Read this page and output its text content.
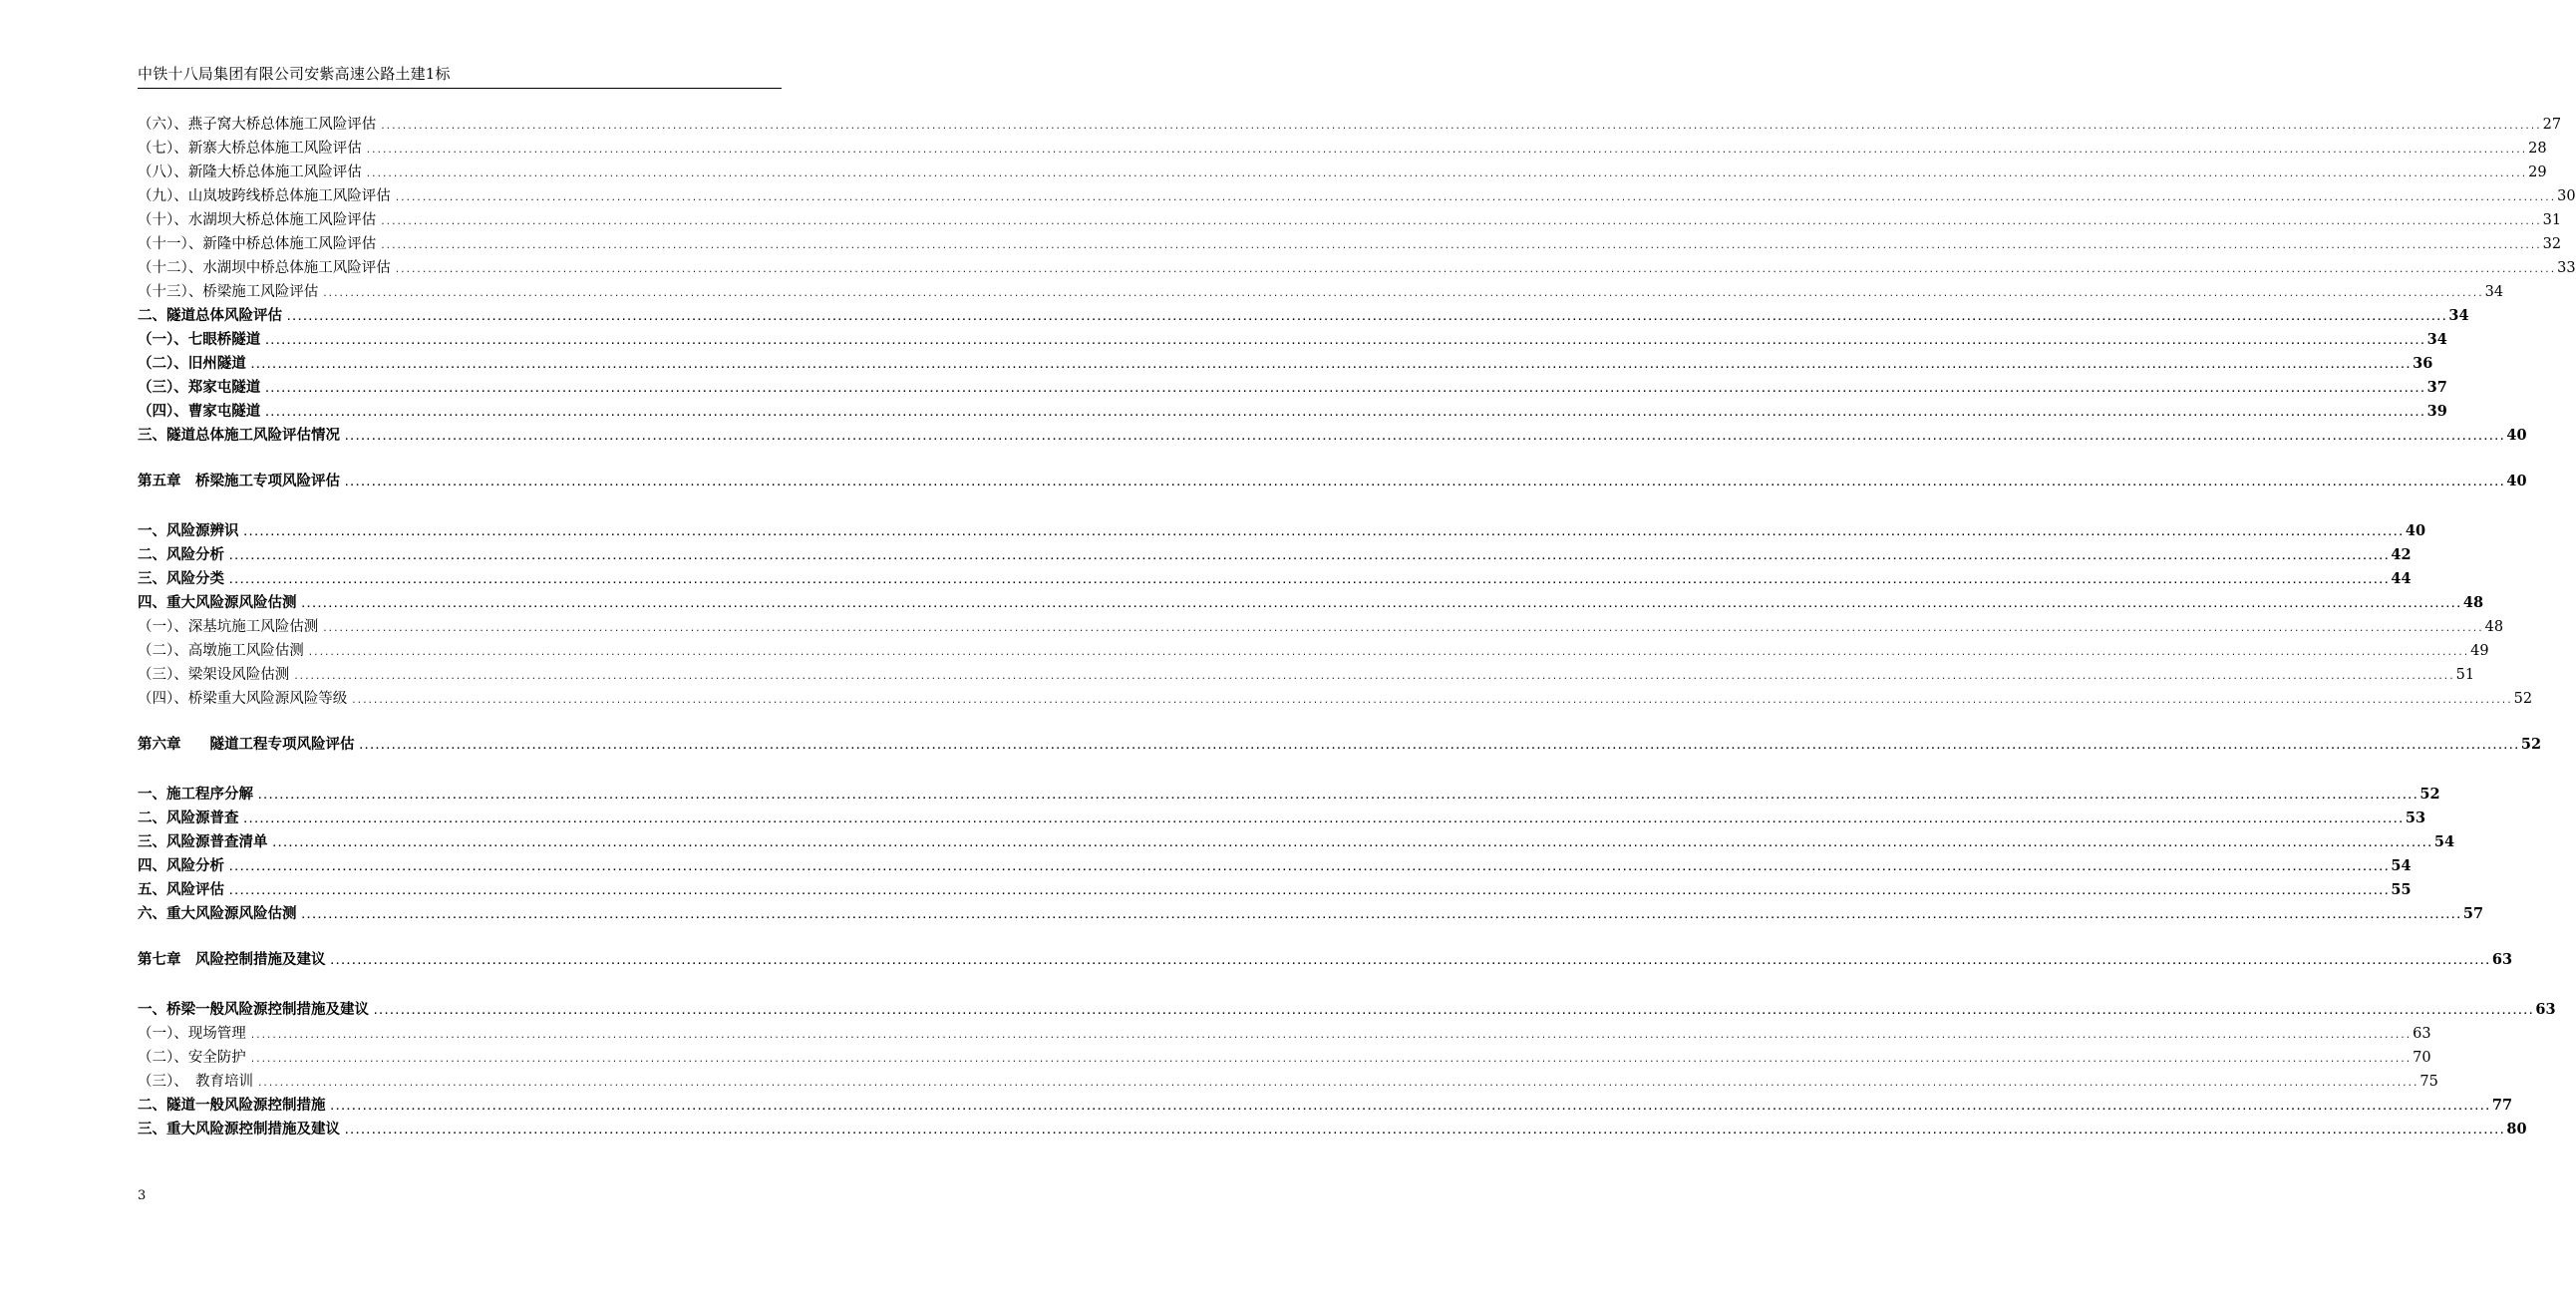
中铁十八局集团有限公司安紫高速公路土建1标
（六）、燕子窝大桥总体施工风险评估 ................................................................................................................................................................................................................................................................................................................................................................................................................ 27
（七）、新寨大桥总体施工风险评估 ................................................................................................................................................................................................................................................................................................................................................................................................................ 28
（八）、新隆大桥总体施工风险评估 ................................................................................................................................................................................................................................................................................................................................................................................................................ 29
（九）、山岚坡跨线桥总体施工风险评估 ................................................................................................................................................................................................................................................................................................................................................................................................................ 30
（十）、水湖坝大桥总体施工风险评估 ................................................................................................................................................................................................................................................................................................................................................................................................................ 31
（十一）、新隆中桥总体施工风险评估 ................................................................................................................................................................................................................................................................................................................................................................................................................ 32
（十二）、水湖坝中桥总体施工风险评估 ................................................................................................................................................................................................................................................................................................................................................................................................................ 33
（十三）、桥梁施工风险评估 ................................................................................................................................................................................................................................................................................................................................................................................................................ 34
二、隧道总体风险评估 ................................................................................................................................................................................................................................................................................................................................................................................................................ 34
（一）、七眼桥隧道 ................................................................................................................................................................................................................................................................................................................................................................................................................ 34
（二）、旧州隧道 ................................................................................................................................................................................................................................................................................................................................................................................................................ 36
（三）、郑家屯隧道 ................................................................................................................................................................................................................................................................................................................................................................................................................ 37
（四）、曹家屯隧道 ................................................................................................................................................................................................................................................................................................................................................................................................................ 39
三、隧道总体施工风险评估情况 ................................................................................................................................................................................................................................................................................................................................................................................................................ 40
第五章　桥梁施工专项风险评估 ................................................................................................................................................................................................................................................................................................................................................................................................................ 40
一、风险源辨识 ................................................................................................................................................................................................................................................................................................................................................................................................................ 40
二、风险分析 ................................................................................................................................................................................................................................................................................................................................................................................................................ 42
三、风险分类 ................................................................................................................................................................................................................................................................................................................................................................................................................ 44
四、重大风险源风险估测 ................................................................................................................................................................................................................................................................................................................................................................................................................ 48
（一）、深基坑施工风险估测 ................................................................................................................................................................................................................................................................................................................................................................................................................ 48
（二）、高墩施工风险估测 ................................................................................................................................................................................................................................................................................................................................................................................................................ 49
（三）、梁架设风险估测 ................................................................................................................................................................................................................................................................................................................................................................................................................ 51
（四）、桥梁重大风险源风险等级 ................................................................................................................................................................................................................................................................................................................................................................................................................ 52
第六章　　隧道工程专项风险评估 ................................................................................................................................................................................................................................................................................................................................................................................................................ 52
一、施工程序分解 ................................................................................................................................................................................................................................................................................................................................................................................................................ 52
二、风险源普查 ................................................................................................................................................................................................................................................................................................................................................................................................................ 53
三、风险源普查清单 ................................................................................................................................................................................................................................................................................................................................................................................................................ 54
四、风险分析 ................................................................................................................................................................................................................................................................................................................................................................................................................ 54
五、风险评估 ................................................................................................................................................................................................................................................................................................................................................................................................................ 55
六、重大风险源风险估测 ................................................................................................................................................................................................................................................................................................................................................................................................................ 57
第七章　风险控制措施及建议 ................................................................................................................................................................................................................................................................................................................................................................................................................ 63
一、桥梁一般风险源控制措施及建议 ................................................................................................................................................................................................................................................................................................................................................................................................................ 63
（一）、现场管理 ................................................................................................................................................................................................................................................................................................................................................................................................................ 63
（二）、安全防护 ................................................................................................................................................................................................................................................................................................................................................................................................................ 70
（三）、　教育培训 ................................................................................................................................................................................................................................................................................................................................................................................................................ 75
二、隧道一般风险源控制措施 ................................................................................................................................................................................................................................................................................................................................................................................................................ 77
三、重大风险源控制措施及建议 ................................................................................................................................................................................................................................................................................................................................................................................................................ 80
3
